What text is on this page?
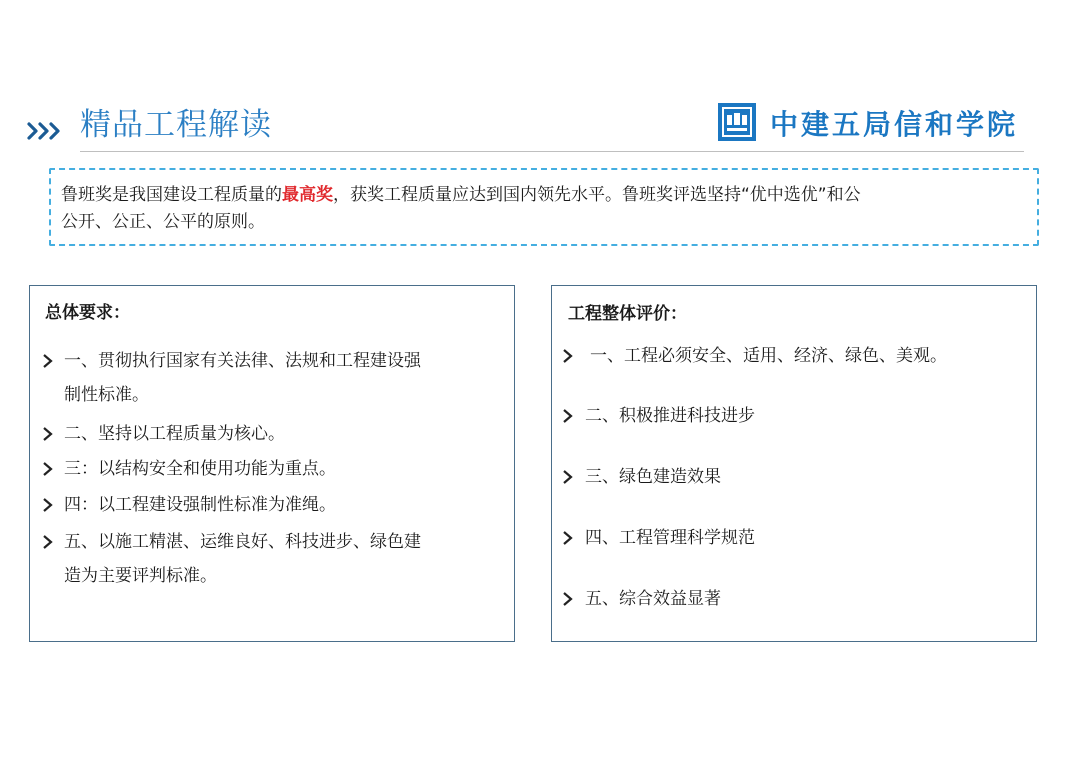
精品工程解读	中建五局信和学院
鲁班奖是我国建设工程质量的最高奖，获奖工程质量应达到国内领先水平。鲁班奖评选坚持“优中选优”和公
公开、公正、公平的原则。
总体要求：
一、贯彻执行国家有关法律、法规和工程建设强
制性标准。
二、坚持以工程质量为核心。
三：以结构安全和使用功能为重点。
四：以工程建设强制性标准为准绳。
五、以施工精湛、运维良好、科技进步、绿色建
造为主要评判标准。
工程整体评价：
一、工程必须安全、适用、经济、绿色、美观。
二、积极推进科技进步
三、绿色建造效果
四、工程管理科学规范
五、综合效益显著
